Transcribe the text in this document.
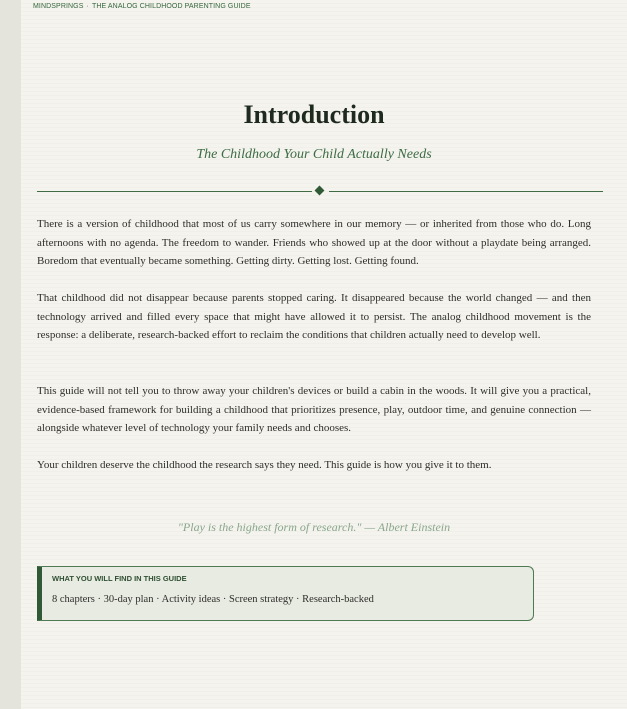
MINDSPRINGS · THE ANALOG CHILDHOOD PARENTING GUIDE
Introduction
The Childhood Your Child Actually Needs

There is a version of childhood that most of us carry somewhere in our memory — or inherited from those who do. Long afternoons with no agenda. The freedom to wander. Friends who showed up at the door without a playdate being arranged. Boredom that eventually became something. Getting dirty. Getting lost. Getting found.

That childhood did not disappear because parents stopped caring. It disappeared because the world changed — and then technology arrived and filled every space that might have allowed it to persist. The analog childhood movement is the response: a deliberate, research-backed effort to reclaim the conditions that children actually need to develop well.

This guide will not tell you to throw away your children's devices or build a cabin in the woods. It will give you a practical, evidence-based framework for building a childhood that prioritizes presence, play, outdoor time, and genuine connection — alongside whatever level of technology your family needs and chooses.

Your children deserve the childhood the research says they need. This guide is how you give it to them.

"Play is the highest form of research." — Albert Einstein
WHAT YOU WILL FIND IN THIS GUIDE
8 chapters · 30-day plan · Activity ideas · Screen strategy · Research-backed
